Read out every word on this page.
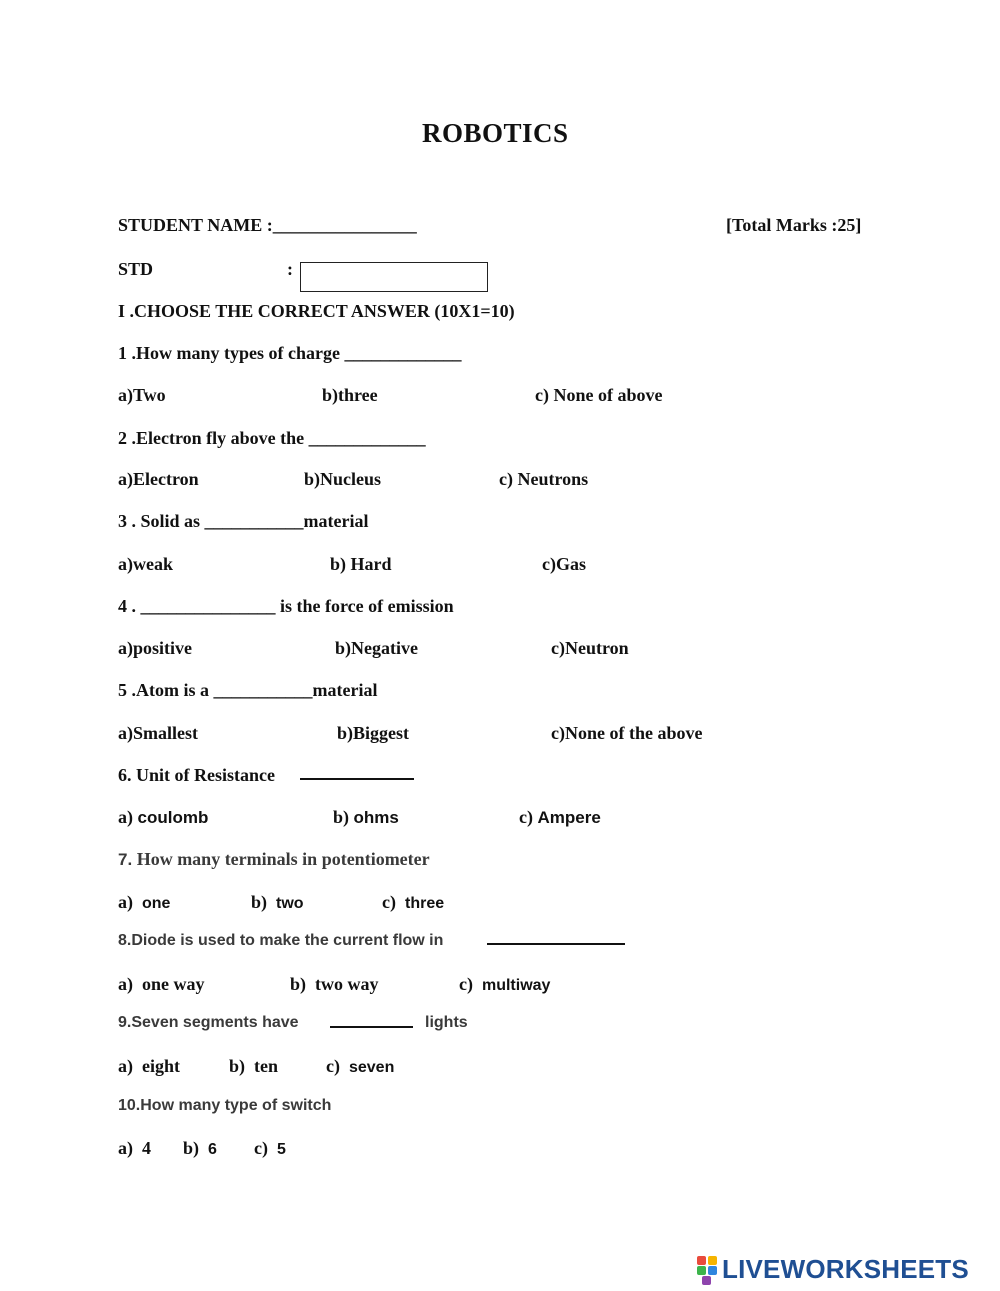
ROBOTICS
STUDENT NAME :________________	[Total Marks :25]
STD	:
I .CHOOSE THE CORRECT ANSWER (10X1=10)
1 .How many types of charge _____________
a)Two	b)three	c) None of above
2 .Electron fly above the _____________
a)Electron	b)Nucleus	c) Neutrons
3 . Solid as ___________material
a)weak	b) Hard	c)Gas
4 . _______________ is the force of emission
a)positive	b)Negative	c)Neutron
5 .Atom is a ___________material
a)Smallest	b)Biggest	c)None of the above
6. Unit of Resistance
a) coulomb	b) ohms	c) Ampere
7. How many terminals in potentiometer
a) one	b) two	c) three
8.Diode is used to make the current flow in
a) one way	b) two way	c) multiway
9.Seven segments have	lights
a) eight	b) ten	c) seven
10.How many type of switch
a) 4 b) 6 c) 5
LIVEWORKSHEETS
